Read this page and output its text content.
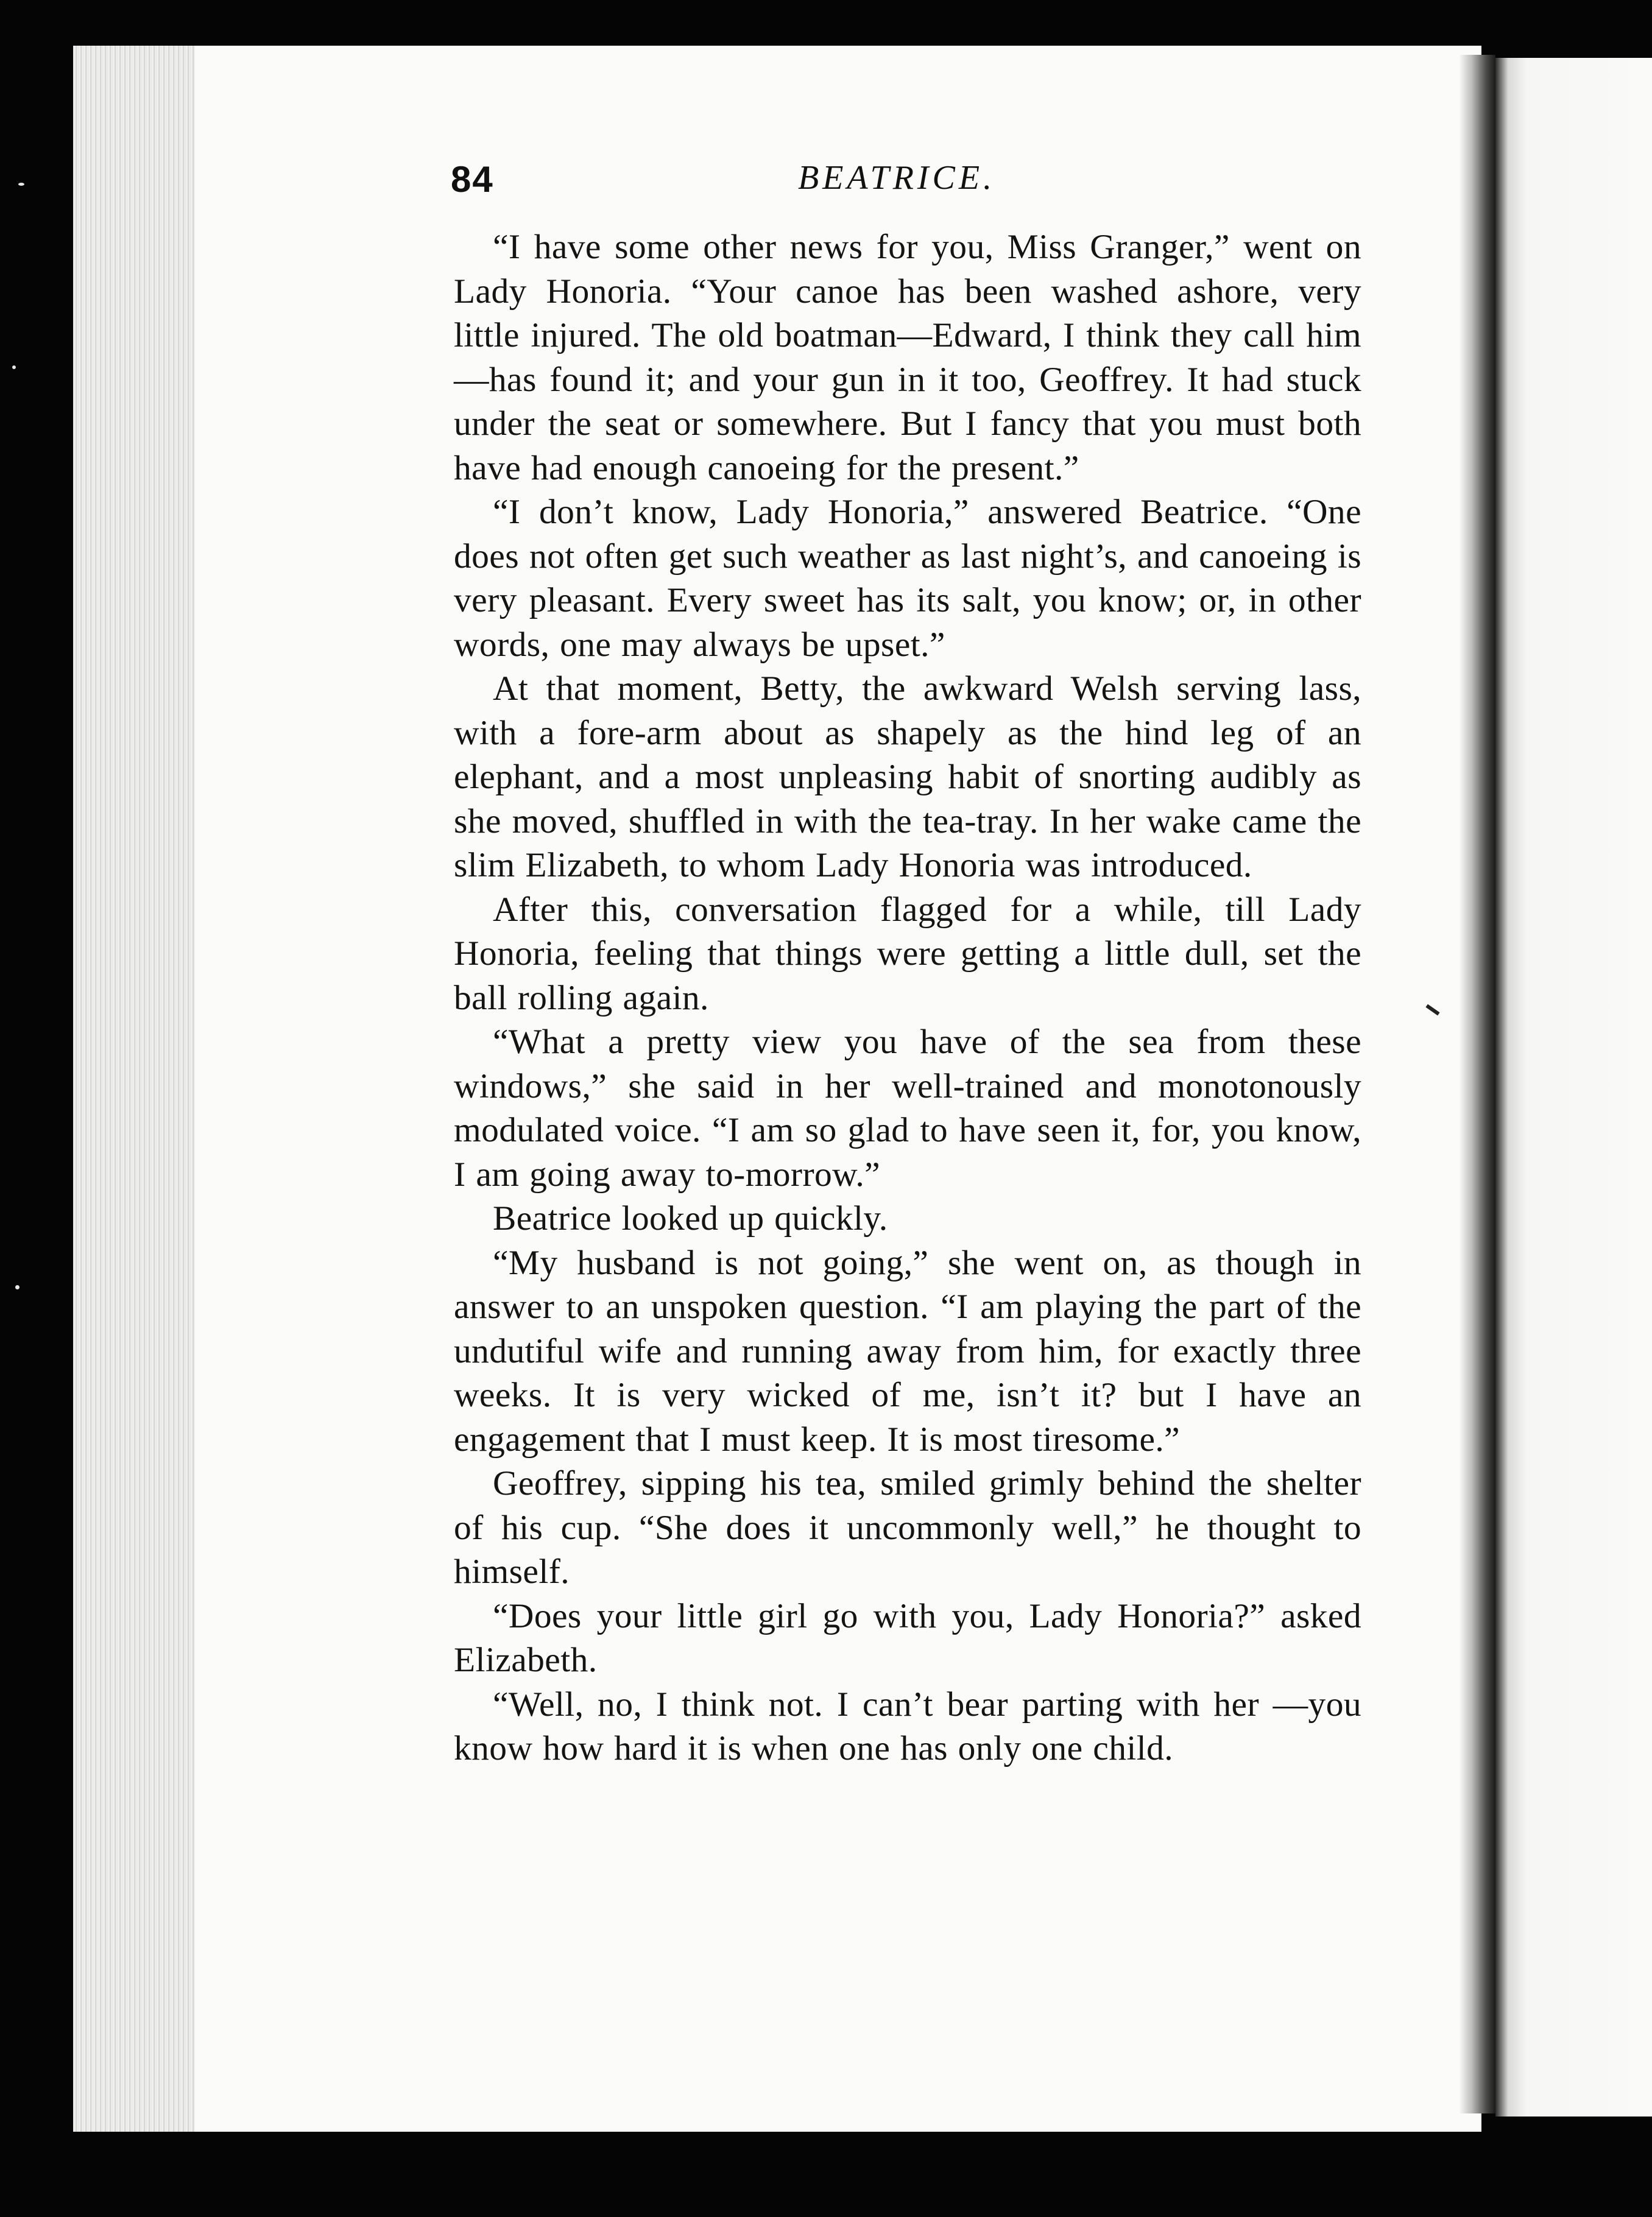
84	BEATRICE.

“I have some other news for you, Miss Granger,” went on Lady Honoria. “Your canoe has been washed ashore, very little injured. The old boatman—Edward, I think they call him—has found it; and your gun in it too, Geoffrey. It had stuck under the seat or somewhere. But I fancy that you must both have had enough canoeing for the present.”

“I don’t know, Lady Honoria,” answered Beatrice. “One does not often get such weather as last night’s, and canoeing is very pleasant. Every sweet has its salt, you know; or, in other words, one may always be upset.”

At that moment, Betty, the awkward Welsh serving lass, with a fore-arm about as shapely as the hind leg of an elephant, and a most unpleasing habit of snorting audibly as she moved, shuffled in with the tea-tray. In her wake came the slim Elizabeth, to whom Lady Honoria was introduced.

After this, conversation flagged for a while, till Lady Honoria, feeling that things were getting a little dull, set the ball rolling again.

“What a pretty view you have of the sea from these windows,” she said in her well-trained and monotonously modulated voice. “I am so glad to have seen it, for, you know, I am going away to-morrow.”

Beatrice looked up quickly.

“My husband is not going,” she went on, as though in answer to an unspoken question. “I am playing the part of the undutiful wife and running away from him, for exactly three weeks. It is very wicked of me, isn’t it? but I have an engagement that I must keep. It is most tiresome.”

Geoffrey, sipping his tea, smiled grimly behind the shelter of his cup. “She does it uncommonly well,” he thought to himself.

“Does your little girl go with you, Lady Honoria?” asked Elizabeth.

“Well, no, I think not. I can’t bear parting with her —you know how hard it is when one has only one child.
